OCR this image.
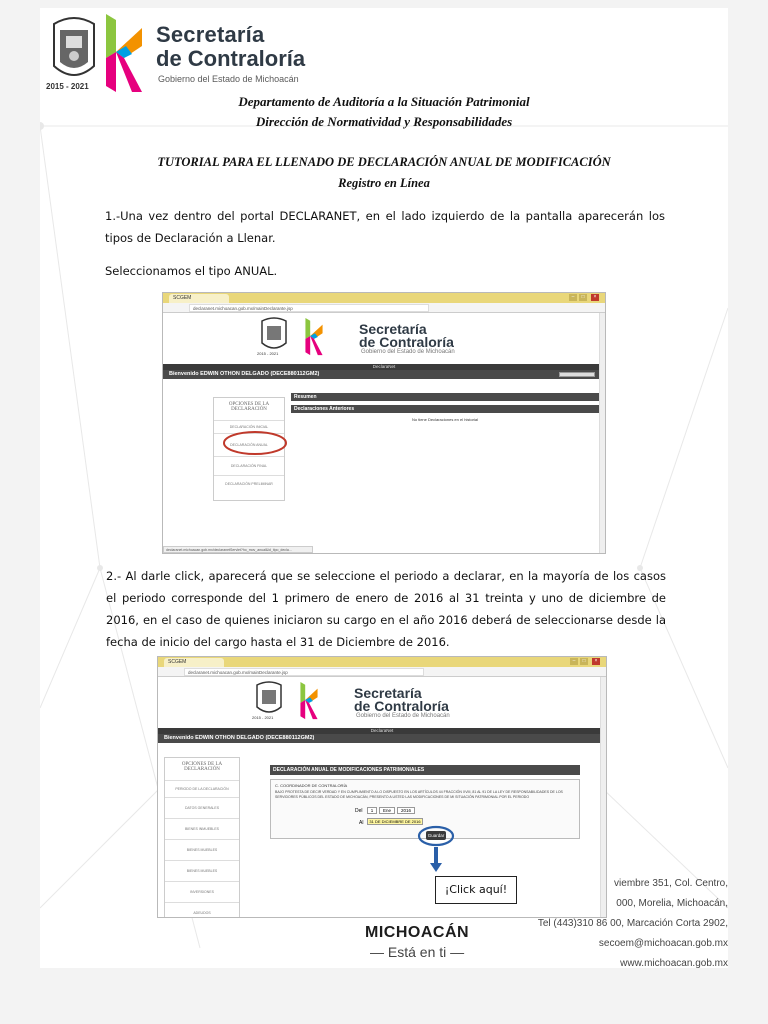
2015 - 2021
Secretaría
de Contraloría
Gobierno del Estado de Michoacán
Departamento de Auditoría a la Situación Patrimonial
Dirección de Normatividad y Responsabilidades
TUTORIAL PARA EL LLENADO DE DECLARACIÓN ANUAL DE MODIFICACIÓN
Registro en Línea
1.-Una vez dentro del portal DECLARANET, en el lado izquierdo de la pantalla aparecerán los tipos de Declaración a Llenar.
Seleccionamos el tipo ANUAL.
SCGEM	–	□	×
declaranet.michoacan.gob.mx/mainDeclarante.jsp
2015 - 2021
Secretaría
de Contraloría
Gobierno del Estado de Michoacán
DeclaraNet
Bienvenido EDWIN OTHON DELGADO (DECE880112GM2)
OPCIONES DE LA DECLARACIÓN
DECLARACIÓN INICIAL
DECLARACIÓN ANUAL
DECLARACIÓN FINAL
DECLARACIÓN PRELIMINAR
Resumen
Declaraciones Anteriores
No tiene Declaraciones en el historial
declaranet.michoacan.gob.mx/declaranetServlet?ho_mov_anual&id_tipo_decla...
2.- Al darle click, aparecerá que se seleccione el periodo a declarar, en la mayoría de los casos el periodo corresponde del 1 primero de enero de 2016 al 31 treinta y uno de diciembre de 2016, en el caso de quienes iniciaron su cargo en el año 2016 deberá de seleccionarse desde la fecha de inicio del cargo hasta el 31 de Diciembre de 2016.
SCGEM	–	□	×
declaranet.michoacan.gob.mx/mainDeclarante.jsp
2015 - 2021
Secretaría
de Contraloría
Gobierno del Estado de Michoacán
DeclaraNet
Bienvenido EDWIN OTHON DELGADO (DECE880112GM2)
OPCIONES DE LA DECLARACIÓN
PERIODO DE LA DECLARACIÓN
DATOS GENERALES
BIENES INMUEBLES
BIENES MUEBLES
BIENES MUEBLES
INVERSIONES
ADEUDOS
DECLARACIÓN ANUAL DE MODIFICACIONES PATRIMONIALES
C. COORDINADOR DE CONTRALORÍA
BAJO PROTESTA DE DECIR VERDAD Y EN CUMPLIMIENTO A LO DISPUESTO EN LOS ARTÍCULOS 44 FRACCIÓN XVIII, 81 AL 91 DE LA LEY DE RESPONSABILIDADES DE LOS SERVIDORES PÚBLICOS DEL ESTADO DE MICHOACÁN, PRESENTO A USTED LAS MODIFICACIONES DE MI SITUACIÓN PATRIMONIAL POR EL PERIODO
Del	1	Ene	2016
Al	31 DE DICIEMBRE DE 2016
Guardar
¡Click aquí!
MICHOACÁN
— Está en ti —
viembre 351, Col. Centro,
000, Morelia, Michoacán,
Tel (443)310 86 00, Marcación Corta 2902,
secoem@michoacan.gob.mx
www.michoacan.gob.mx
